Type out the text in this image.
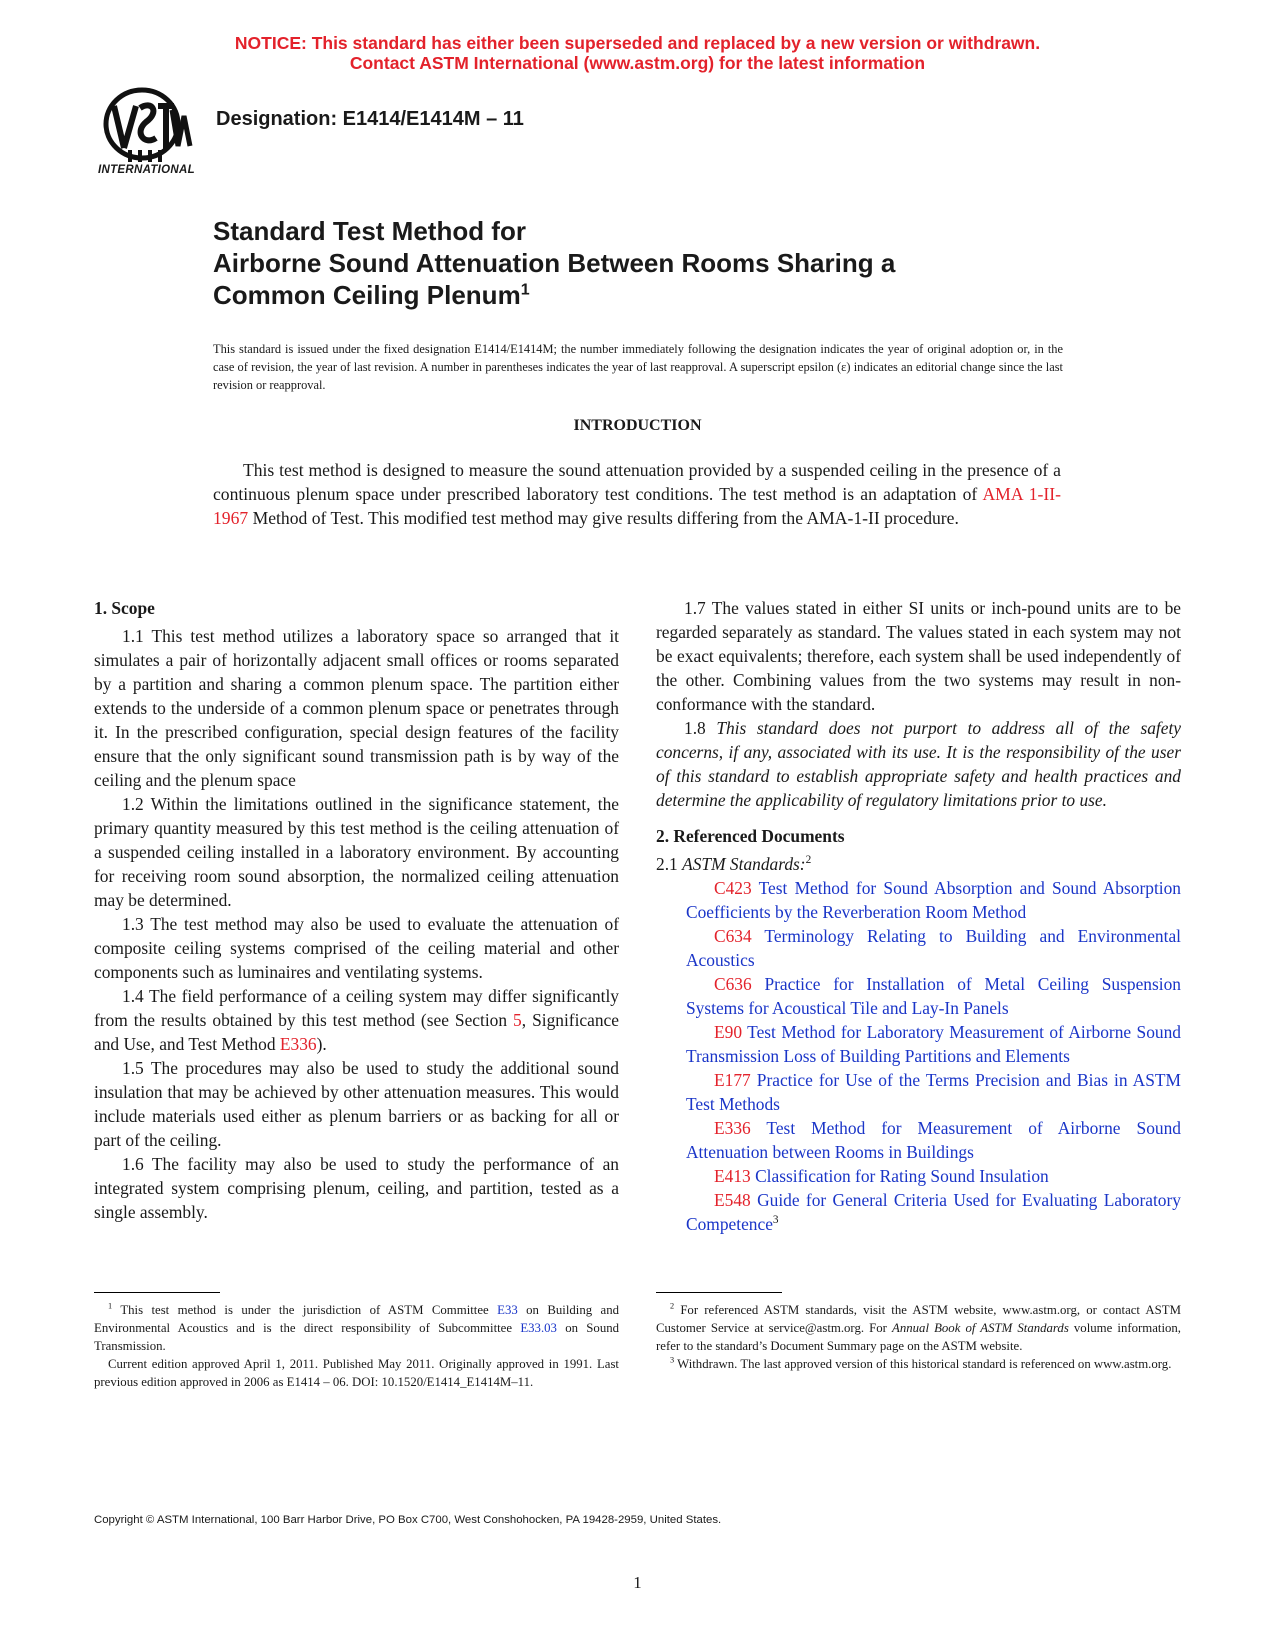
NOTICE: This standard has either been superseded and replaced by a new version or withdrawn.
Contact ASTM International (www.astm.org) for the latest information
INTERNATIONAL
Designation: E1414/E1414M – 11
Standard Test Method for
Airborne Sound Attenuation Between Rooms Sharing a
Common Ceiling Plenum$^1$
This standard is issued under the fixed designation E1414/E1414M; the number immediately following the designation indicates the year of original adoption or, in the case of revision, the year of last revision. A number in parentheses indicates the year of last reapproval. A superscript epsilon (ε) indicates an editorial change since the last revision or reapproval.
INTRODUCTION
This test method is designed to measure the sound attenuation provided by a suspended ceiling in the presence of a continuous plenum space under prescribed laboratory test conditions. The test method is an adaptation of AMA 1-II-1967 Method of Test. This modified test method may give results differing from the AMA-1-II procedure.
1. Scope

1.1 This test method utilizes a laboratory space so arranged that it simulates a pair of horizontally adjacent small offices or rooms separated by a partition and sharing a common plenum space. The partition either extends to the underside of a common plenum space or penetrates through it. In the prescribed configuration, special design features of the facility ensure that the only significant sound transmission path is by way of the ceiling and the plenum space

1.2 Within the limitations outlined in the significance statement, the primary quantity measured by this test method is the ceiling attenuation of a suspended ceiling installed in a laboratory environment. By accounting for receiving room sound absorption, the normalized ceiling attenuation may be determined.

1.3 The test method may also be used to evaluate the attenuation of composite ceiling systems comprised of the ceiling material and other components such as luminaires and ventilating systems.

1.4 The field performance of a ceiling system may differ significantly from the results obtained by this test method (see Section 5, Significance and Use, and Test Method E336).

1.5 The procedures may also be used to study the additional sound insulation that may be achieved by other attenuation measures. This would include materials used either as plenum barriers or as backing for all or part of the ceiling.

1.6 The facility may also be used to study the performance of an integrated system comprising plenum, ceiling, and partition, tested as a single assembly.

1.7 The values stated in either SI units or inch-pound units are to be regarded separately as standard. The values stated in each system may not be exact equivalents; therefore, each system shall be used independently of the other. Combining values from the two systems may result in non-conformance with the standard.

1.8 This standard does not purport to address all of the safety concerns, if any, associated with its use. It is the responsibility of the user of this standard to establish appropriate safety and health practices and determine the applicability of regulatory limitations prior to use.

2. Referenced Documents

2.1 ASTM Standards:$^2$

C423 Test Method for Sound Absorption and Sound Absorption Coefficients by the Reverberation Room Method

C634 Terminology Relating to Building and Environmental Acoustics

C636 Practice for Installation of Metal Ceiling Suspension Systems for Acoustical Tile and Lay-In Panels

E90 Test Method for Laboratory Measurement of Airborne Sound Transmission Loss of Building Partitions and Elements

E177 Practice for Use of the Terms Precision and Bias in ASTM Test Methods

E336 Test Method for Measurement of Airborne Sound Attenuation between Rooms in Buildings

E413 Classification for Rating Sound Insulation

E548 Guide for General Criteria Used for Evaluating Laboratory Competence$^3$

$^1$ This test method is under the jurisdiction of ASTM Committee E33 on Building and Environmental Acoustics and is the direct responsibility of Subcommittee E33.03 on Sound Transmission.

Current edition approved April 1, 2011. Published May 2011. Originally approved in 1991. Last previous edition approved in 2006 as E1414 – 06. DOI: 10.1520/E1414_E1414M–11.

$^2$ For referenced ASTM standards, visit the ASTM website, www.astm.org, or contact ASTM Customer Service at service@astm.org. For Annual Book of ASTM Standards volume information, refer to the standard’s Document Summary page on the ASTM website.

$^3$ Withdrawn. The last approved version of this historical standard is referenced on www.astm.org.

Copyright © ASTM International, 100 Barr Harbor Drive, PO Box C700, West Conshohocken, PA 19428-2959, United States.
1
